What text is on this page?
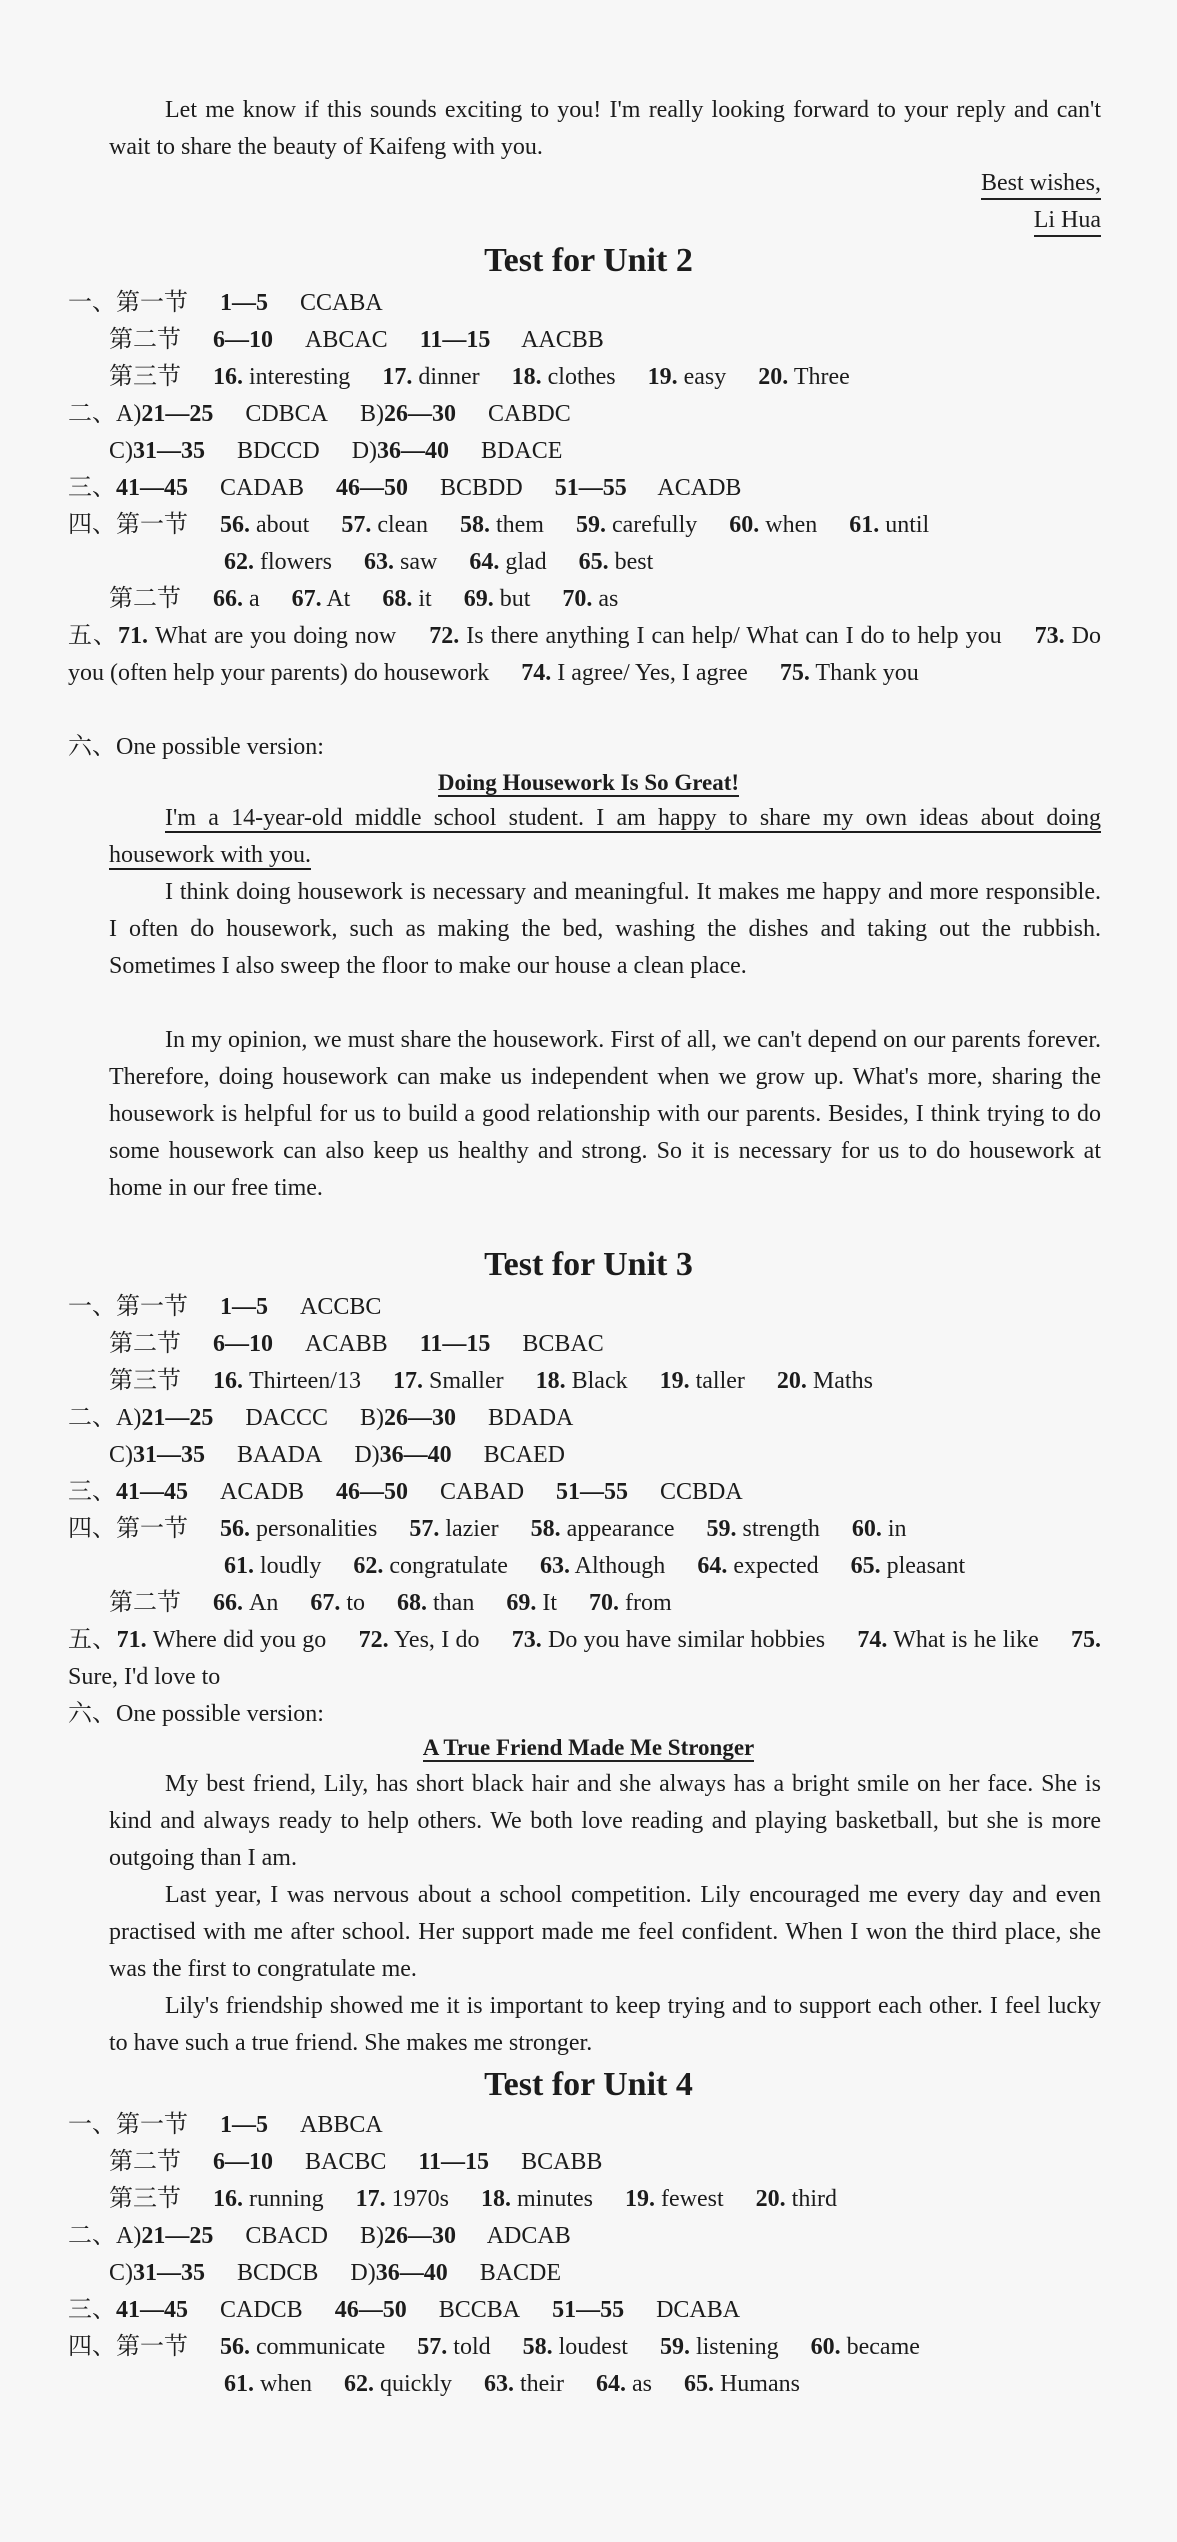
Let me know if this sounds exciting to you! I'm really looking forward to your reply and can't wait to share the beauty of Kaifeng with you.
Best wishes,
Li Hua
Test for Unit 2
一、第一节 1—5 CCABA
第二节 6—10 ABCAC 11—15 AACBB
第三节 16. interesting 17. dinner 18. clothes 19. easy 20. Three
二、A)21—25 CDBCA B)26—30 CABDC
C)31—35 BDCCD D)36—40 BDACE
三、41—45 CADAB 46—50 BCBDD 51—55 ACADB
四、第一节 56. about 57. clean 58. them 59. carefully 60. when 61. until
62. flowers 63. saw 64. glad 65. best
第二节 66. a 67. At 68. it 69. but 70. as
五、71. What are you doing now 72. Is there anything I can help/ What can I do to help you 73. Do you (often help your parents) do housework 74. I agree/ Yes, I agree 75. Thank you
六、One possible version:
Doing Housework Is So Great!
I'm a 14-year-old middle school student. I am happy to share my own ideas about doing housework with you.
I think doing housework is necessary and meaningful. It makes me happy and more responsible. I often do housework, such as making the bed, washing the dishes and taking out the rubbish. Sometimes I also sweep the floor to make our house a clean place.
In my opinion, we must share the housework. First of all, we can't depend on our parents forever. Therefore, doing housework can make us independent when we grow up. What's more, sharing the housework is helpful for us to build a good relationship with our parents. Besides, I think trying to do some housework can also keep us healthy and strong. So it is necessary for us to do housework at home in our free time.
Test for Unit 3
一、第一节 1—5 ACCBC
第二节 6—10 ACABB 11—15 BCBAC
第三节 16. Thirteen/13 17. Smaller 18. Black 19. taller 20. Maths
二、A)21—25 DACCC B)26—30 BDADA
C)31—35 BAADA D)36—40 BCAED
三、41—45 ACADB 46—50 CABAD 51—55 CCBDA
四、第一节 56. personalities 57. lazier 58. appearance 59. strength 60. in
61. loudly 62. congratulate 63. Although 64. expected 65. pleasant
第二节 66. An 67. to 68. than 69. It 70. from
五、71. Where did you go 72. Yes, I do 73. Do you have similar hobbies 74. What is he like 75. Sure, I'd love to
六、One possible version:
A True Friend Made Me Stronger
My best friend, Lily, has short black hair and she always has a bright smile on her face. She is kind and always ready to help others. We both love reading and playing basketball, but she is more outgoing than I am.
Last year, I was nervous about a school competition. Lily encouraged me every day and even practised with me after school. Her support made me feel confident. When I won the third place, she was the first to congratulate me.
Lily's friendship showed me it is important to keep trying and to support each other. I feel lucky to have such a true friend. She makes me stronger.
Test for Unit 4
一、第一节 1—5 ABBCA
第二节 6—10 BACBC 11—15 BCABB
第三节 16. running 17. 1970s 18. minutes 19. fewest 20. third
二、A)21—25 CBACD B)26—30 ADCAB
C)31—35 BCDCB D)36—40 BACDE
三、41—45 CADCB 46—50 BCCBA 51—55 DCABA
四、第一节 56. communicate 57. told 58. loudest 59. listening 60. became
61. when 62. quickly 63. their 64. as 65. Humans
